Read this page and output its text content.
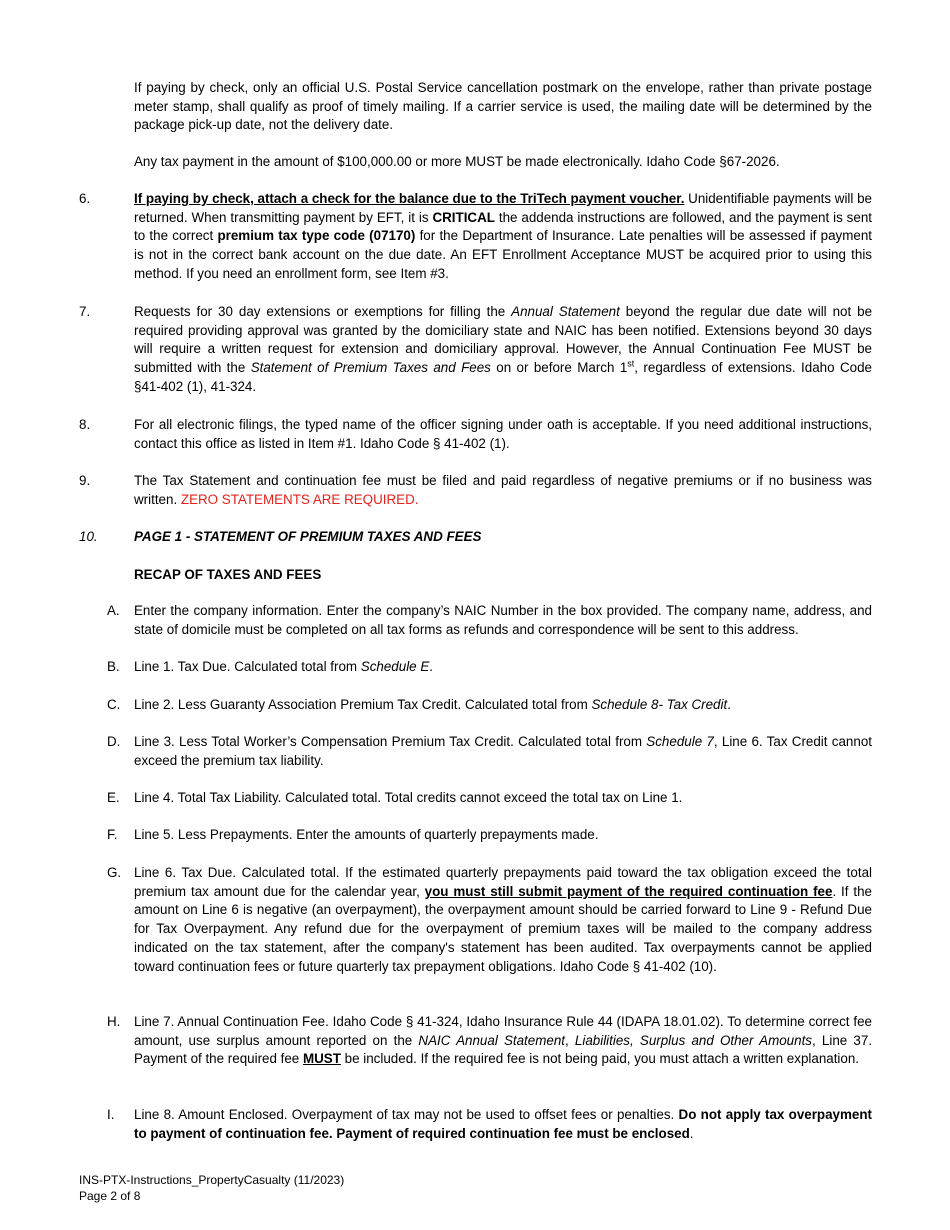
If paying by check, only an official U.S. Postal Service cancellation postmark on the envelope, rather than private postage meter stamp, shall qualify as proof of timely mailing. If a carrier service is used, the mailing date will be determined by the package pick-up date, not the delivery date.

Any tax payment in the amount of $100,000.00 or more MUST be made electronically. Idaho Code §67-2026.

6.	If paying by check, attach a check for the balance due to the TriTech payment voucher. Unidentifiable payments will be returned. When transmitting payment by EFT, it is CRITICAL the addenda instructions are followed, and the payment is sent to the correct premium tax type code (07170) for the Department of Insurance. Late penalties will be assessed if payment is not in the correct bank account on the due date. An EFT Enrollment Acceptance MUST be acquired prior to using this method. If you need an enrollment form, see Item #3.

7.	Requests for 30 day extensions or exemptions for filling the Annual Statement beyond the regular due date will not be required providing approval was granted by the domiciliary state and NAIC has been notified. Extensions beyond 30 days will require a written request for extension and domiciliary approval. However, the Annual Continuation Fee MUST be submitted with the Statement of Premium Taxes and Fees on or before March 1st, regardless of extensions. Idaho Code §41-402 (1), 41-324.

8.	For all electronic filings, the typed name of the officer signing under oath is acceptable. If you need additional instructions, contact this office as listed in Item #1. Idaho Code § 41-402 (1).

9.	The Tax Statement and continuation fee must be filed and paid regardless of negative premiums or if no business was written. ZERO STATEMENTS ARE REQUIRED.

10.	PAGE 1 - STATEMENT OF PREMIUM TAXES AND FEES

RECAP OF TAXES AND FEES

A. Enter the company information. Enter the company’s NAIC Number in the box provided. The company name, address, and state of domicile must be completed on all tax forms as refunds and correspondence will be sent to this address.

B. Line 1. Tax Due. Calculated total from Schedule E.

C. Line 2. Less Guaranty Association Premium Tax Credit. Calculated total from Schedule 8- Tax Credit.

D. Line 3. Less Total Worker’s Compensation Premium Tax Credit. Calculated total from Schedule 7, Line 6. Tax Credit cannot exceed the premium tax liability.

E. Line 4. Total Tax Liability. Calculated total. Total credits cannot exceed the total tax on Line 1.

F. Line 5. Less Prepayments. Enter the amounts of quarterly prepayments made.

G. Line 6. Tax Due. Calculated total. If the estimated quarterly prepayments paid toward the tax obligation exceed the total premium tax amount due for the calendar year, you must still submit payment of the required continuation fee. If the amount on Line 6 is negative (an overpayment), the overpayment amount should be carried forward to Line 9 - Refund Due for Tax Overpayment. Any refund due for the overpayment of premium taxes will be mailed to the company address indicated on the tax statement, after the company's statement has been audited. Tax overpayments cannot be applied toward continuation fees or future quarterly tax prepayment obligations. Idaho Code § 41-402 (10).

H. Line 7. Annual Continuation Fee. Idaho Code § 41-324, Idaho Insurance Rule 44 (IDAPA 18.01.02). To determine correct fee amount, use surplus amount reported on the NAIC Annual Statement, Liabilities, Surplus and Other Amounts, Line 37. Payment of the required fee MUST be included. If the required fee is not being paid, you must attach a written explanation.

I. Line 8. Amount Enclosed. Overpayment of tax may not be used to offset fees or penalties. Do not apply tax overpayment to payment of continuation fee. Payment of required continuation fee must be enclosed.

INS-PTX-Instructions_PropertyCasualty (11/2023)
Page 2 of 8
